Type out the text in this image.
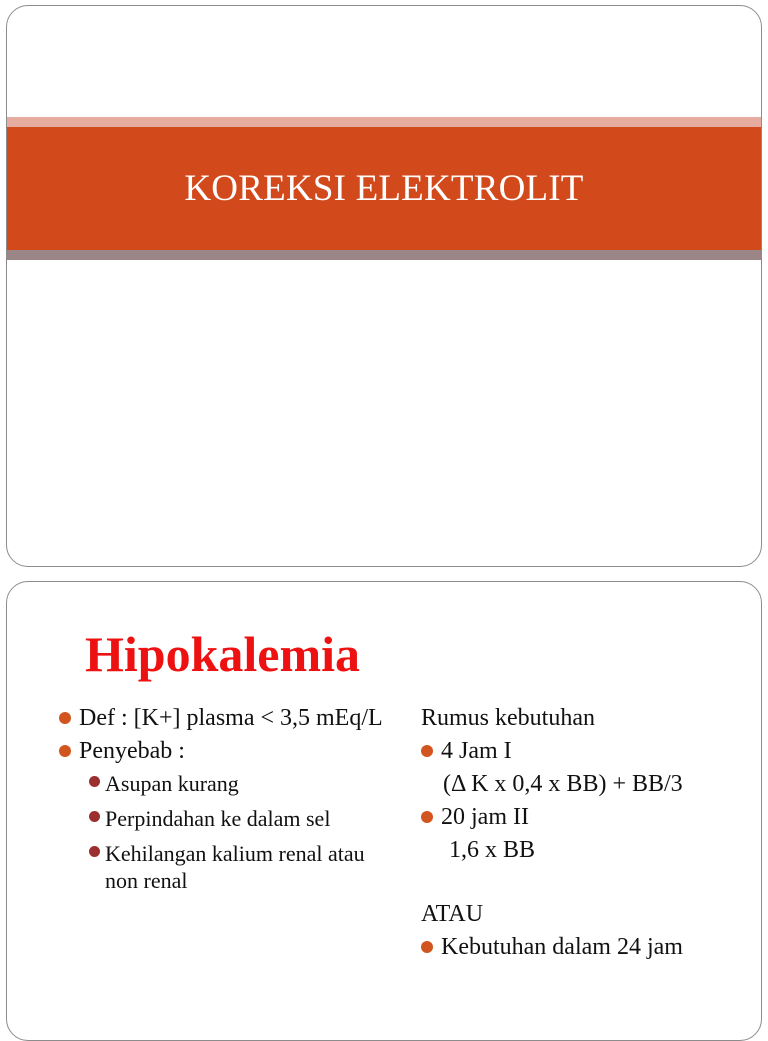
KOREKSI ELEKTROLIT
Hipokalemia
Def : [K+] plasma < 3,5 mEq/L
Penyebab :
Asupan kurang
Perpindahan ke dalam sel
Kehilangan kalium renal atau non renal
Rumus kebutuhan
4 Jam I
(Δ K x 0,4 x BB) + BB/3
20 jam II
1,6 x BB
ATAU
Kebutuhan dalam 24 jam
